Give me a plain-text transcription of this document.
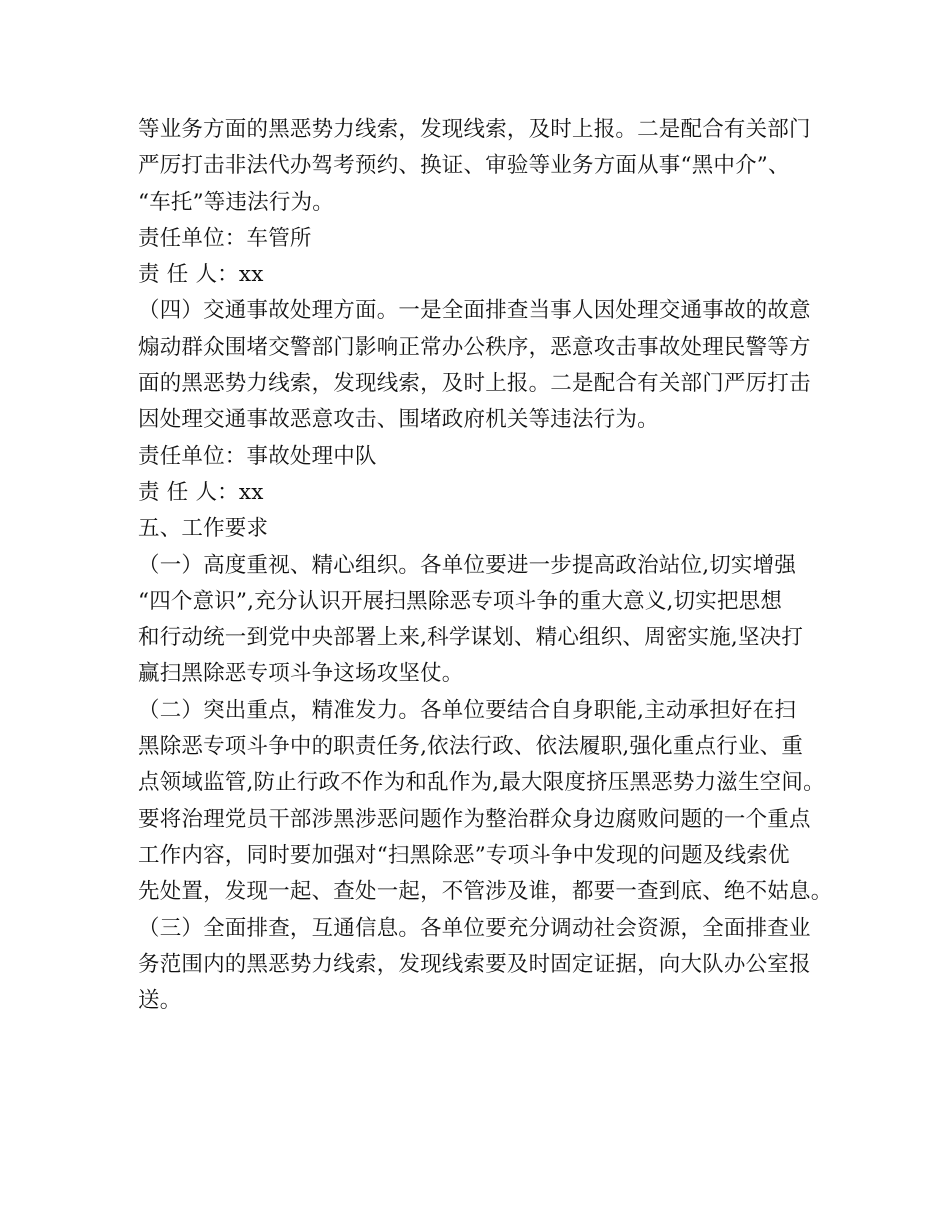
等业务方面的黑恶势力线索，发现线索，及时上报。二是配合有关部门
严厉打击非法代办驾考预约、换证、审验等业务方面从事“黑中介”、
“车托”等违法行为。
责任单位：车管所
责 任 人：xx
（四）交通事故处理方面。一是全面排查当事人因处理交通事故的故意
煽动群众围堵交警部门影响正常办公秩序，恶意攻击事故处理民警等方
面的黑恶势力线索，发现线索，及时上报。二是配合有关部门严厉打击
因处理交通事故恶意攻击、围堵政府机关等违法行为。
责任单位：事故处理中队
责 任 人：xx
五、工作要求
（一）高度重视、精心组织。各单位要进一步提高政治站位,切实增强
“四个意识”,充分认识开展扫黑除恶专项斗争的重大意义,切实把思想
和行动统一到党中央部署上来,科学谋划、精心组织、周密实施,坚决打
赢扫黑除恶专项斗争这场攻坚仗。
（二）突出重点，精准发力。各单位要结合自身职能,主动承担好在扫
黑除恶专项斗争中的职责任务,依法行政、依法履职,强化重点行业、重
点领域监管,防止行政不作为和乱作为,最大限度挤压黑恶势力滋生空间。
要将治理党员干部涉黑涉恶问题作为整治群众身边腐败问题的一个重点
工作内容，同时要加强对“扫黑除恶”专项斗争中发现的问题及线索优
先处置，发现一起、查处一起，不管涉及谁，都要一查到底、绝不姑息。
（三）全面排查，互通信息。各单位要充分调动社会资源，全面排查业
务范围内的黑恶势力线索，发现线索要及时固定证据，向大队办公室报
送。
